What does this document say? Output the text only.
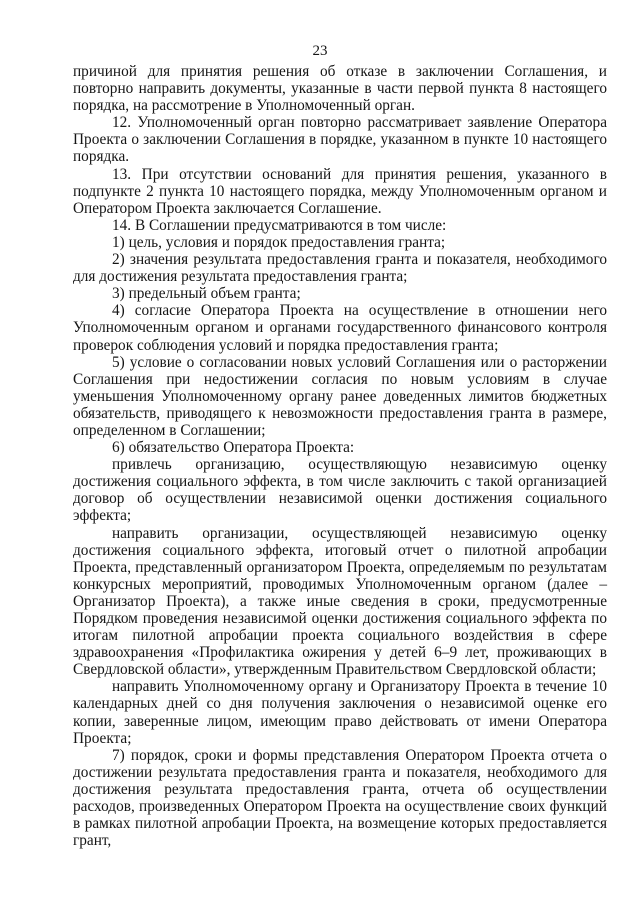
23

причиной для принятия решения об отказе в заключении Соглашения, и повторно направить документы, указанные в части первой пункта 8 настоящего порядка, на рассмотрение в Уполномоченный орган.

12. Уполномоченный орган повторно рассматривает заявление Оператора Проекта о заключении Соглашения в порядке, указанном в пункте 10 настоящего порядка.

13. При отсутствии оснований для принятия решения, указанного в подпункте 2 пункта 10 настоящего порядка, между Уполномоченным органом и Оператором Проекта заключается Соглашение.

14. В Соглашении предусматриваются в том числе:

1) цель, условия и порядок предоставления гранта;

2) значения результата предоставления гранта и показателя, необходимого для достижения результата предоставления гранта;

3) предельный объем гранта;

4) согласие Оператора Проекта на осуществление в отношении него Уполномоченным органом и органами государственного финансового контроля проверок соблюдения условий и порядка предоставления гранта;

5) условие о согласовании новых условий Соглашения или о расторжении Соглашения при недостижении согласия по новым условиям в случае уменьшения Уполномоченному органу ранее доведенных лимитов бюджетных обязательств, приводящего к невозможности предоставления гранта в размере, определенном в Соглашении;

6) обязательство Оператора Проекта:

привлечь организацию, осуществляющую независимую оценку достижения социального эффекта, в том числе заключить с такой организацией договор об осуществлении независимой оценки достижения социального эффекта;

направить организации, осуществляющей независимую оценку достижения социального эффекта, итоговый отчет о пилотной апробации Проекта, представленный организатором Проекта, определяемым по результатам конкурсных мероприятий, проводимых Уполномоченным органом (далее – Организатор Проекта), а также иные сведения в сроки, предусмотренные Порядком проведения независимой оценки достижения социального эффекта по итогам пилотной апробации проекта социального воздействия в сфере здравоохранения «Профилактика ожирения у детей 6–9 лет, проживающих в Свердловской области», утвержденным Правительством Свердловской области;

направить Уполномоченному органу и Организатору Проекта в течение 10 календарных дней со дня получения заключения о независимой оценке его копии, заверенные лицом, имеющим право действовать от имени Оператора Проекта;

7) порядок, сроки и формы представления Оператором Проекта отчета о достижении результата предоставления гранта и показателя, необходимого для достижения результата предоставления гранта, отчета об осуществлении расходов, произведенных Оператором Проекта на осуществление своих функций в рамках пилотной апробации Проекта, на возмещение которых предоставляется грант,
